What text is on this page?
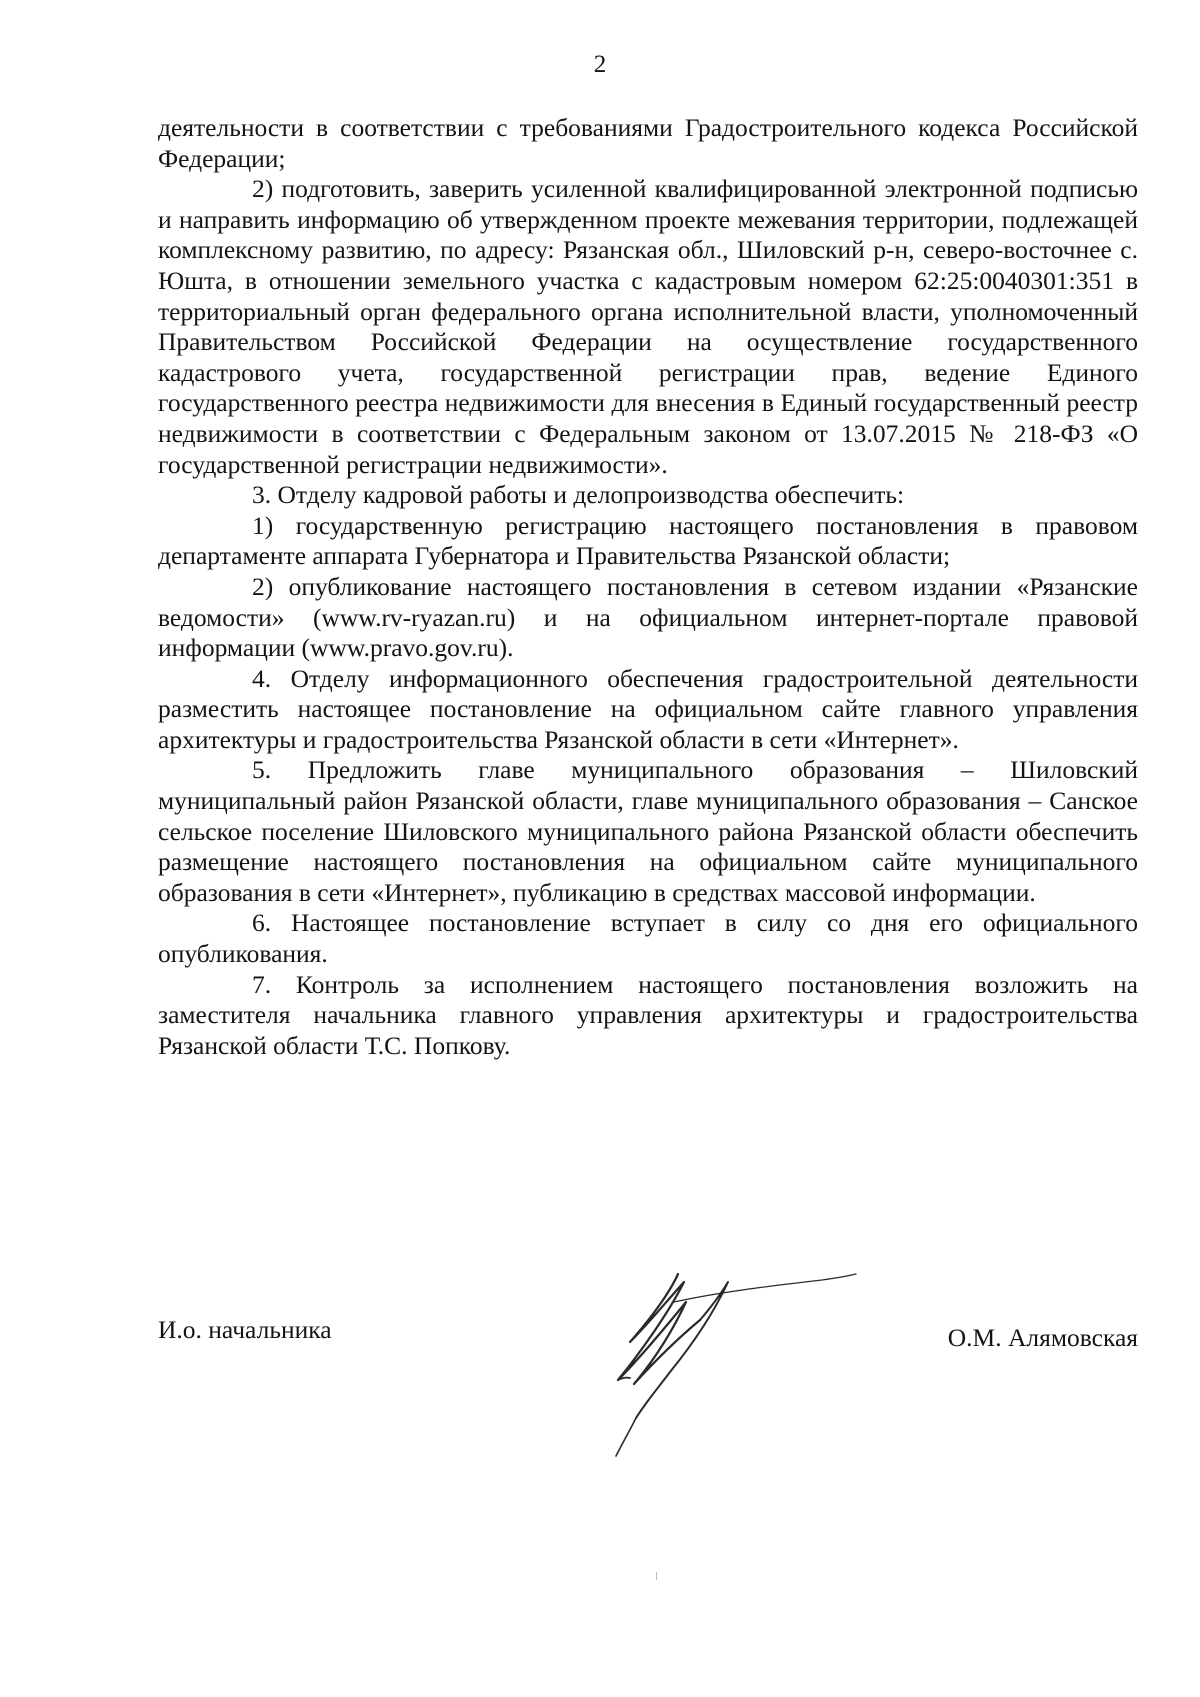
2

деятельности в соответствии с требованиями Градостроительного кодекса Российской Федерации;

2) подготовить, заверить усиленной квалифицированной электронной подписью и направить информацию об утвержденном проекте межевания территории, подлежащей комплексному развитию, по адресу: Рязанская обл., Шиловский р-н, северо-восточнее с. Юшта, в отношении земельного участка с кадастровым номером 62:25:0040301:351 в территориальный орган федерального органа исполнительной власти, уполномоченный Правительством Российской Федерации на осуществление государственного кадастрового учета, государственной регистрации прав, ведение Единого государственного реестра недвижимости для внесения в Единый государственный реестр недвижимости в соответствии с Федеральным законом от 13.07.2015 № 218-ФЗ «О государственной регистрации недвижимости».

3. Отделу кадровой работы и делопроизводства обеспечить:

1) государственную регистрацию настоящего постановления в правовом департаменте аппарата Губернатора и Правительства Рязанской области;

2) опубликование настоящего постановления в сетевом издании «Рязанские ведомости» (www.rv-ryazan.ru) и на официальном интернет-портале правовой информации (www.pravo.gov.ru).

4. Отделу информационного обеспечения градостроительной деятельности разместить настоящее постановление на официальном сайте главного управления архитектуры и градостроительства Рязанской области в сети «Интернет».

5. Предложить главе муниципального образования – Шиловский муниципальный район Рязанской области, главе муниципального образования – Санское сельское поселение Шиловского муниципального района Рязанской области обеспечить размещение настоящего постановления на официальном сайте муниципального образования в сети «Интернет», публикацию в средствах массовой информации.

6. Настоящее постановление вступает в силу со дня его официального опубликования.

7. Контроль за исполнением настоящего постановления возложить на заместителя начальника главного управления архитектуры и градостроительства Рязанской области Т.С. Попкову.

И.о. начальника	О.М. Алямовская
